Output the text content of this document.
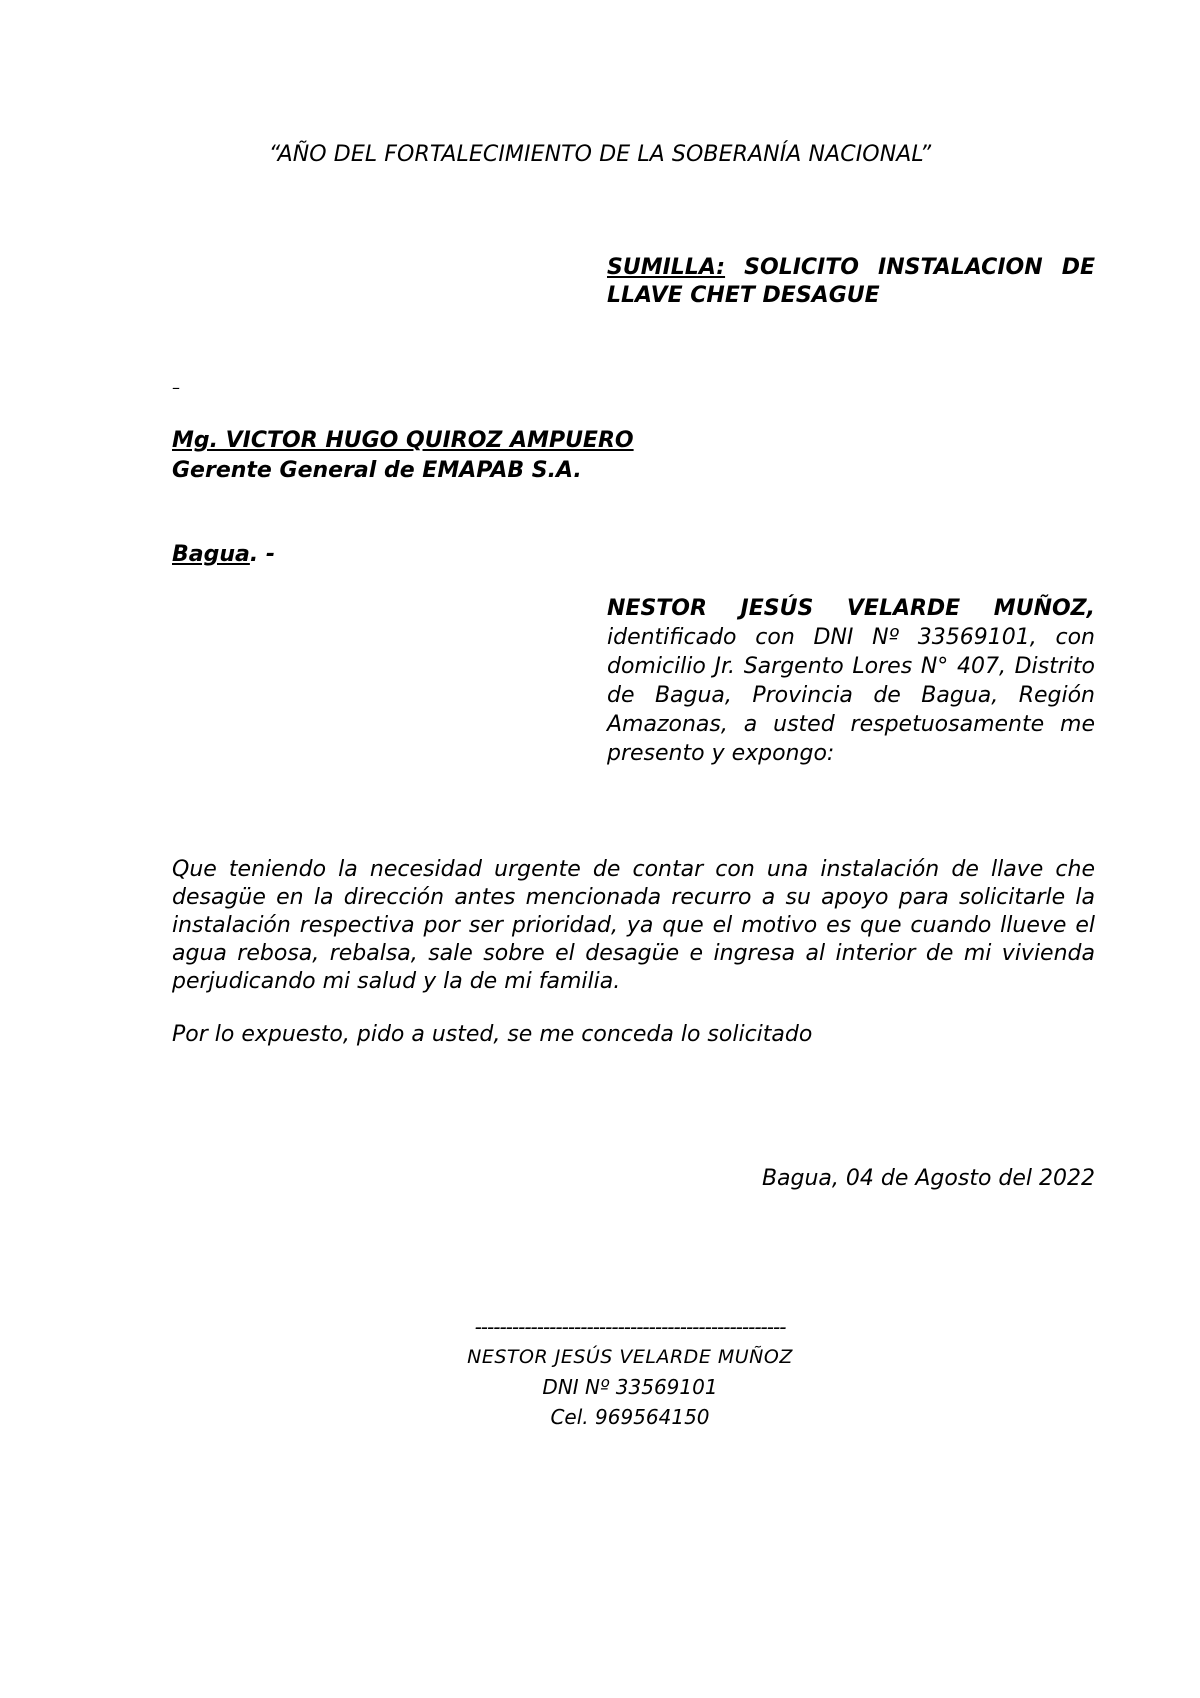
“AÑO DEL FORTALECIMIENTO DE LA SOBERANÍA NACIONAL”

SUMILLA: SOLICITO INSTALACION DE LLAVE CHET DESAGUE
–
Mg. VICTOR HUGO QUIROZ AMPUERO
Gerente General de EMAPAB S.A.
Bagua. -
NESTOR JESÚS VELARDE MUÑOZ, identificado con DNI Nº 33569101, con domicilio Jr. Sargento Lores N° 407, Distrito de Bagua, Provincia de Bagua, Región Amazonas, a usted respetuosamente me presento y expongo:

Que teniendo la necesidad urgente de contar con una instalación de llave che desagüe en la dirección antes mencionada recurro a su apoyo para solicitarle la instalación respectiva por ser prioridad, ya que el motivo es que cuando llueve el agua rebosa, rebalsa, sale sobre el desagüe e ingresa al interior de mi vivienda perjudicando mi salud y la de mi familia.

Por lo expuesto, pido a usted, se me conceda lo solicitado

Bagua, 04 de Agosto del 2022

--------------------------------------------------
NESTOR JESÚS VELARDE MUÑOZ
DNI Nº 33569101
Cel. 969564150
